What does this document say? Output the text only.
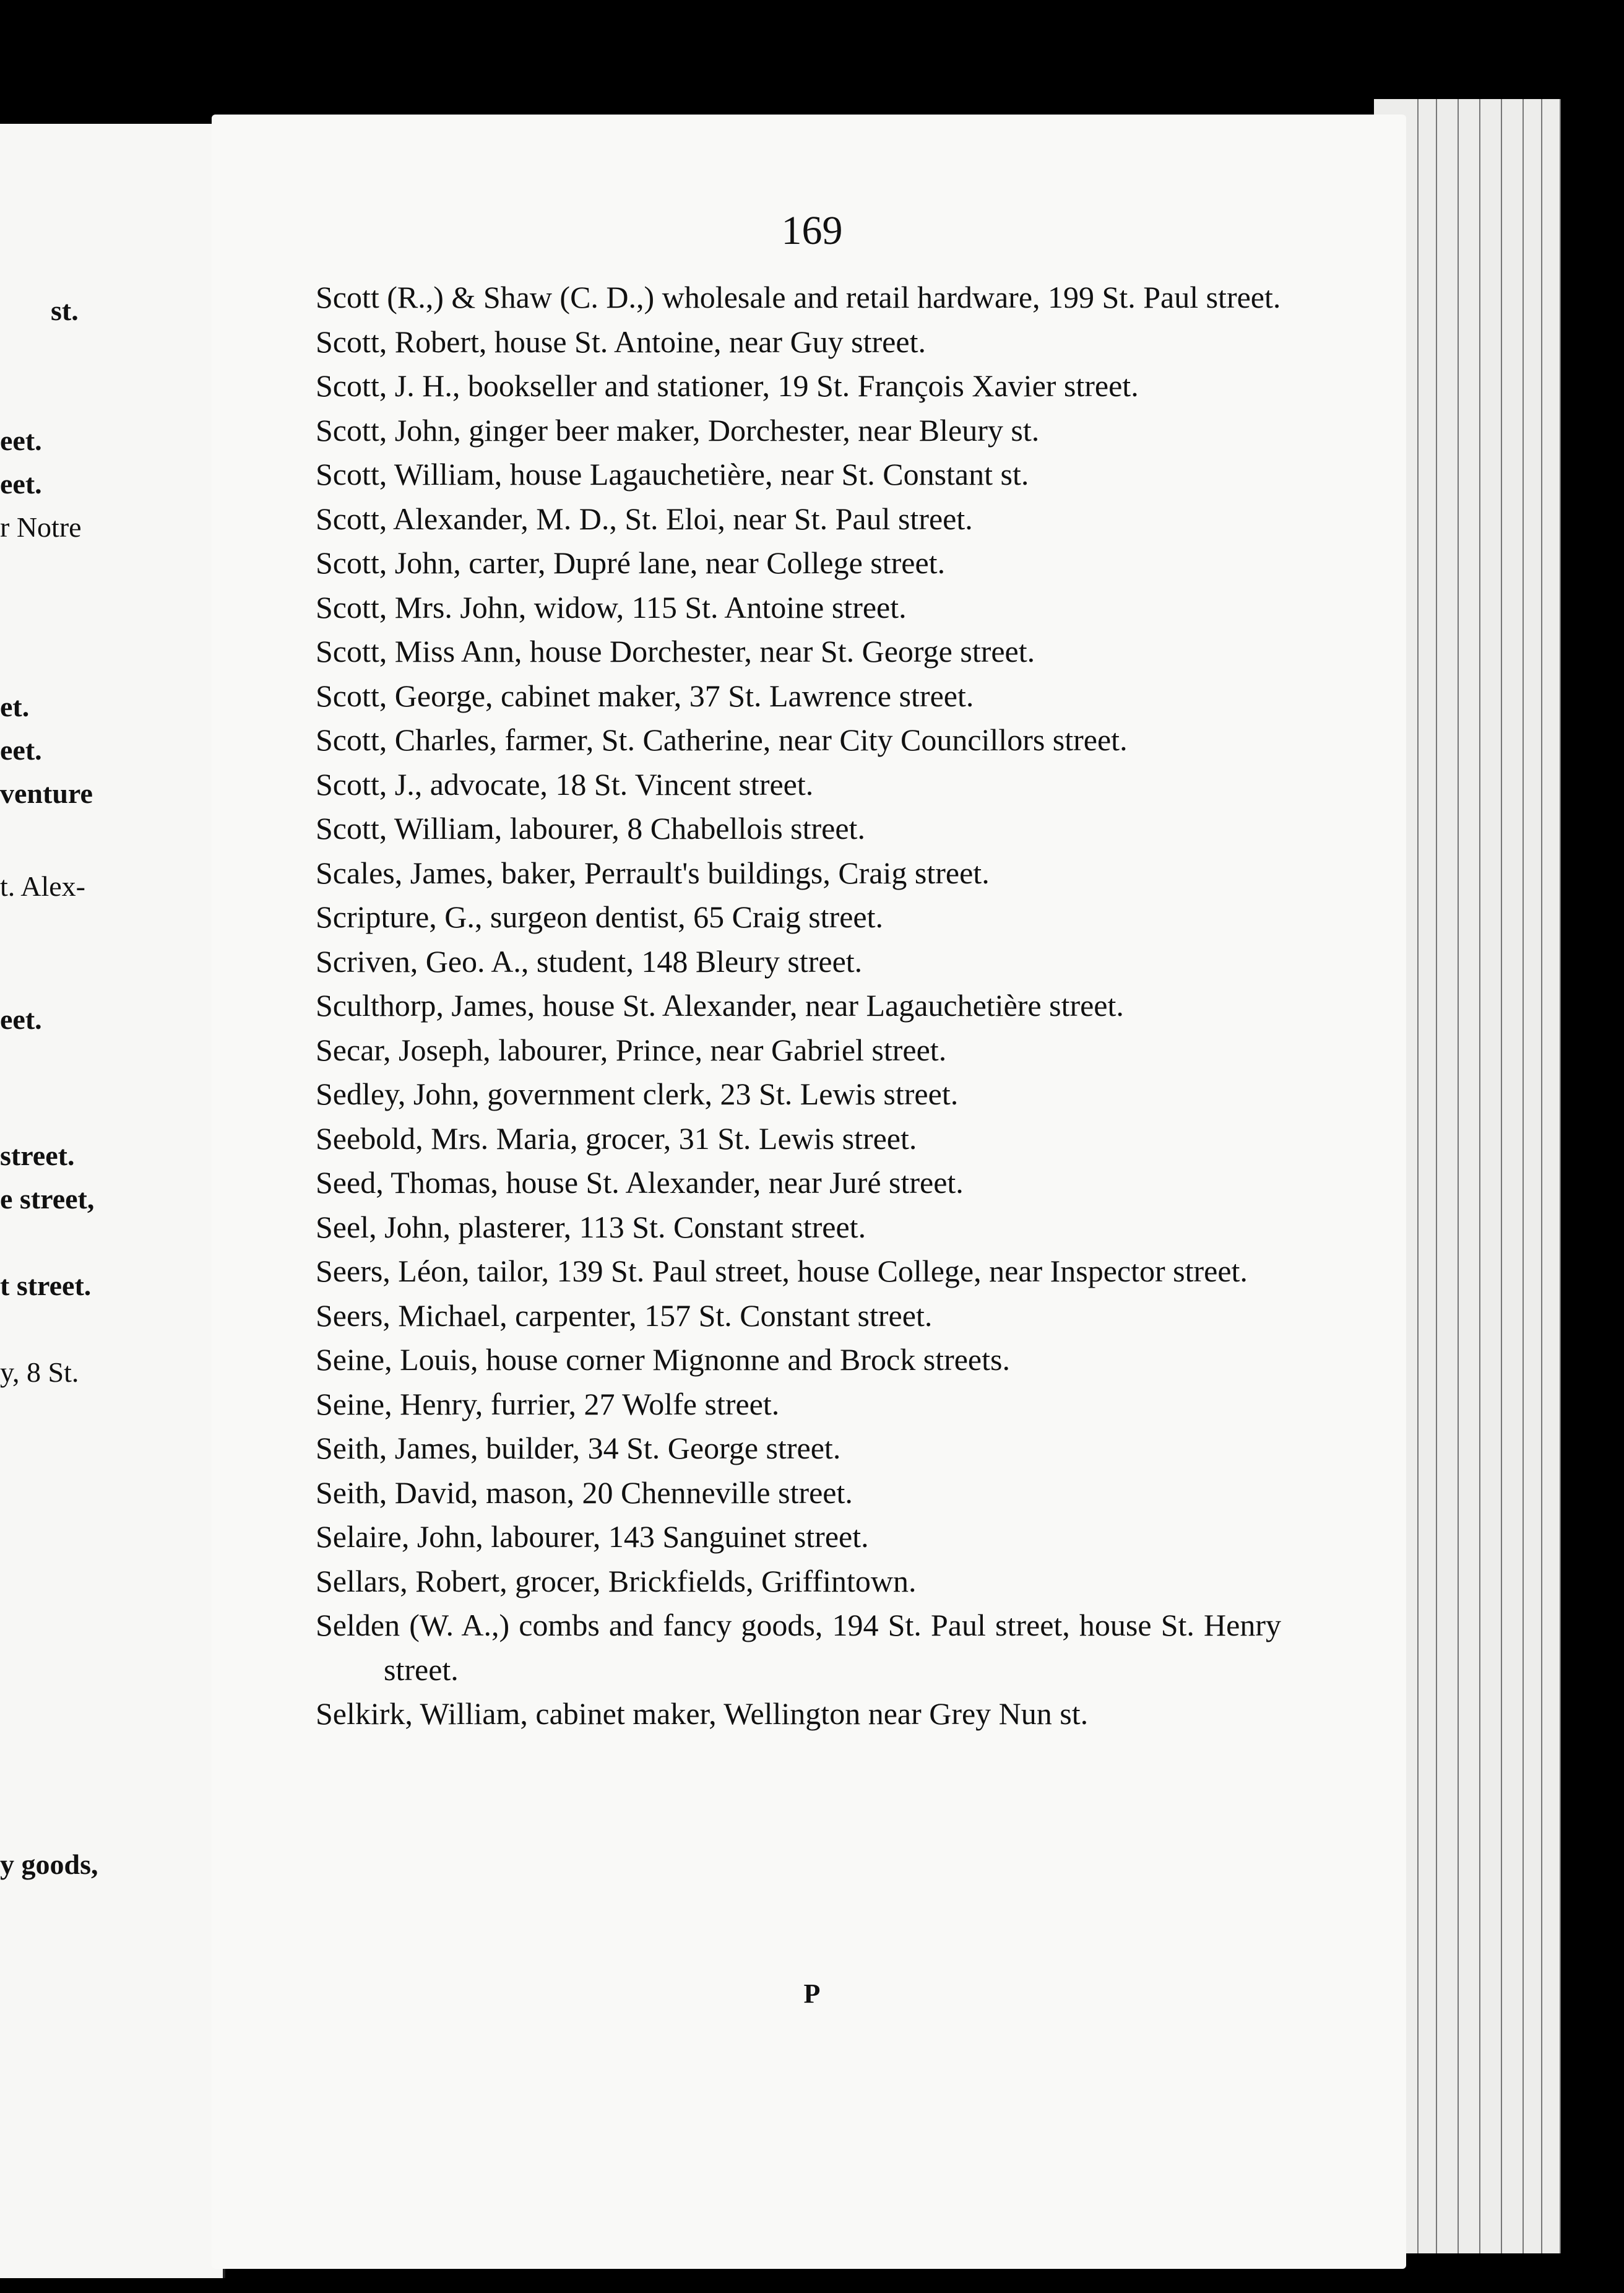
st.
eet.
eet.
r Notre
et.
eet.
venture
t. Alex-
eet.
street.
e street,
t street.
y, 8 St.
y goods,
169

Scott (R.,) & Shaw (C. D.,) wholesale and retail hardware, 199 St. Paul street.

Scott, Robert, house St. Antoine, near Guy street.

Scott, J. H., bookseller and stationer, 19 St. François Xavier street.

Scott, John, ginger beer maker, Dorchester, near Bleury st.

Scott, William, house Lagauchetière, near St. Constant st.

Scott, Alexander, M. D., St. Eloi, near St. Paul street.

Scott, John, carter, Dupré lane, near College street.

Scott, Mrs. John, widow, 115 St. Antoine street.

Scott, Miss Ann, house Dorchester, near St. George street.

Scott, George, cabinet maker, 37 St. Lawrence street.

Scott, Charles, farmer, St. Catherine, near City Councillors street.

Scott, J., advocate, 18 St. Vincent street.

Scott, William, labourer, 8 Chabellois street.

Scales, James, baker, Perrault's buildings, Craig street.

Scripture, G., surgeon dentist, 65 Craig street.

Scriven, Geo. A., student, 148 Bleury street.

Sculthorp, James, house St. Alexander, near Lagauchetière street.

Secar, Joseph, labourer, Prince, near Gabriel street.

Sedley, John, government clerk, 23 St. Lewis street.

Seebold, Mrs. Maria, grocer, 31 St. Lewis street.

Seed, Thomas, house St. Alexander, near Juré street.

Seel, John, plasterer, 113 St. Constant street.

Seers, Léon, tailor, 139 St. Paul street, house College, near Inspector street.

Seers, Michael, carpenter, 157 St. Constant street.

Seine, Louis, house corner Mignonne and Brock streets.

Seine, Henry, furrier, 27 Wolfe street.

Seith, James, builder, 34 St. George street.

Seith, David, mason, 20 Chenneville street.

Selaire, John, labourer, 143 Sanguinet street.

Sellars, Robert, grocer, Brickfields, Griffintown.

Selden (W. A.,) combs and fancy goods, 194 St. Paul street, house St. Henry street.

Selkirk, William, cabinet maker, Wellington near Grey Nun st.

P
